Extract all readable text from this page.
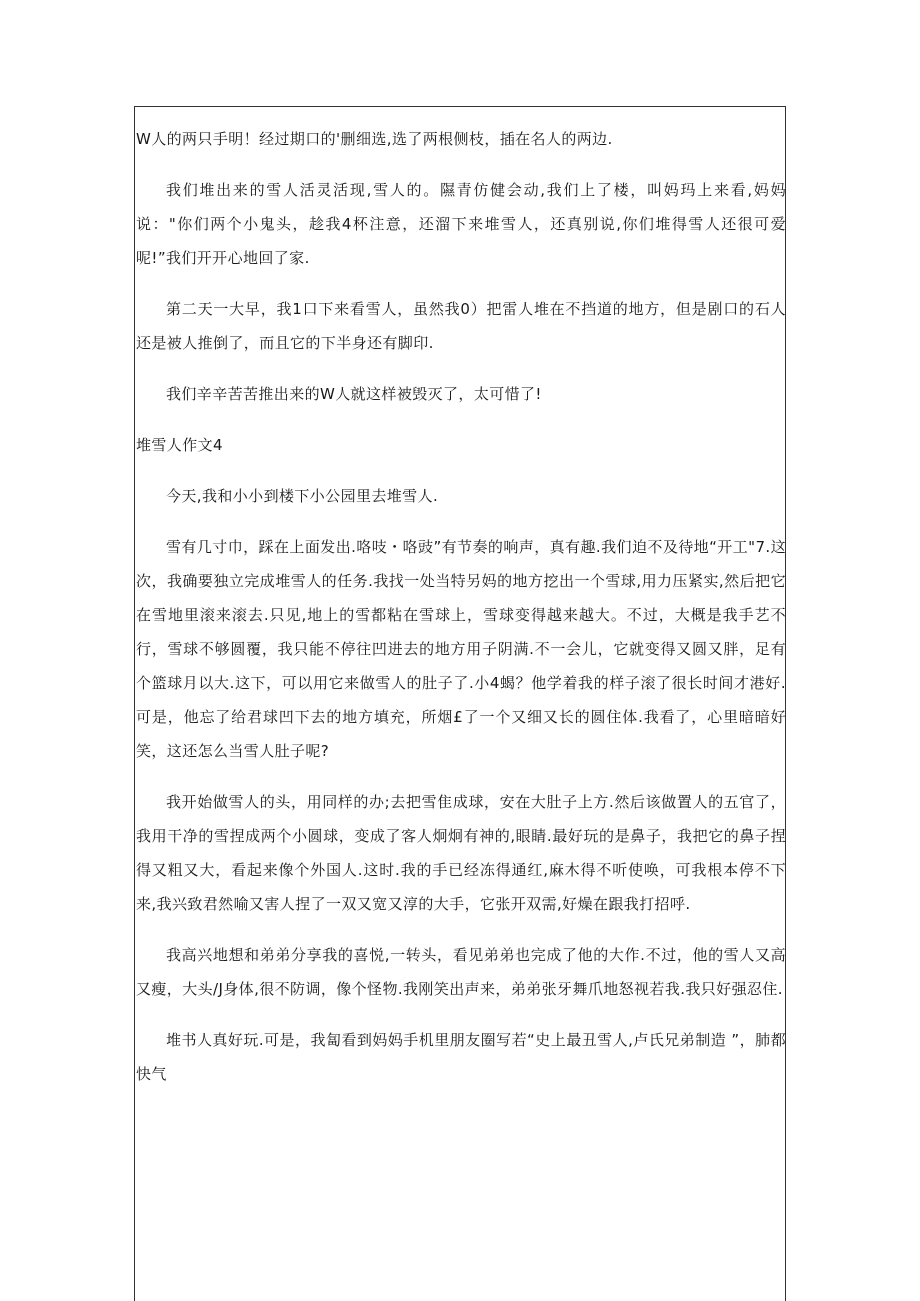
W人的两只手明！经过期口的'删细选,选了两根侧枝，插在名人的两边.

我们堆出来的雪人活灵活现,雪人的。隰青仿健会动,我们上了楼，叫妈玛上来看,妈妈说："你们两个小鬼头，趁我4杯注意，还溜下来堆雪人，还真别说,你们堆得雪人还很可爱呢!”我们开开心地回了家.

第二天一大早，我1口下来看雪人，虽然我0）把雷人堆在不挡道的地方，但是剧口的石人还是被人推倒了，而且它的下半身还有脚印.

我们辛辛苦苦推出来的W人就这样被毁灭了，太可惜了!

堆雪人作文4

今天,我和小小到楼下小公园里去堆雪人.

雪有几寸巾，踩在上面发出.咯吱・咯豉”有节奏的响声，真有趣.我们迫不及待地“开工"7.这次，我确要独立完成堆雪人的任务.我找一处当特另妈的地方挖出一个雪球,用力压紧实,然后把它在雪地里滚来滚去.只见,地上的雪都粘在雪球上，雪球变得越来越大。不过，大概是我手艺不行，雪球不够圆覆，我只能不停往凹进去的地方用子阴满.不一会儿，它就变得又圆又胖，足有个篮球月以大.这下，可以用它来做雪人的肚子了.小4蝎？他学着我的样子滚了很长时间才港好.可是，他忘了给君球凹下去的地方填充，所烟£了一个又细又长的圆住体.我看了，心里暗暗好笑，这还怎么当雪人肚子呢?

我开始做雪人的头，用同样的办;去把雪隹成球，安在大肚子上方.然后该做置人的五官了，我用干净的雪捏成两个小圆球，变成了客人炯炯有神的,眼睛.最好玩的是鼻子，我把它的鼻子捏得又粗又大，看起来像个外国人.这时.我的手已经冻得通红,麻木得不听使唤，可我根本停不下来,我兴致君然喻又害人捏了一双又宽又淳的大手，它张开双需,好燥在跟我打招呼.

我高兴地想和弟弟分享我的喜悦,一转头，看见弟弟也完成了他的大作.不过，他的雪人又高又瘦，大头/J身体,很不防调，像个怪物.我刚笑出声来，弟弟张牙舞爪地怒视若我.我只好强忍住.

堆书人真好玩.可是，我匐看到妈妈手机里朋友圈写若“史上最丑雪人,卢氏兄弟制造 ”，肺都快气
